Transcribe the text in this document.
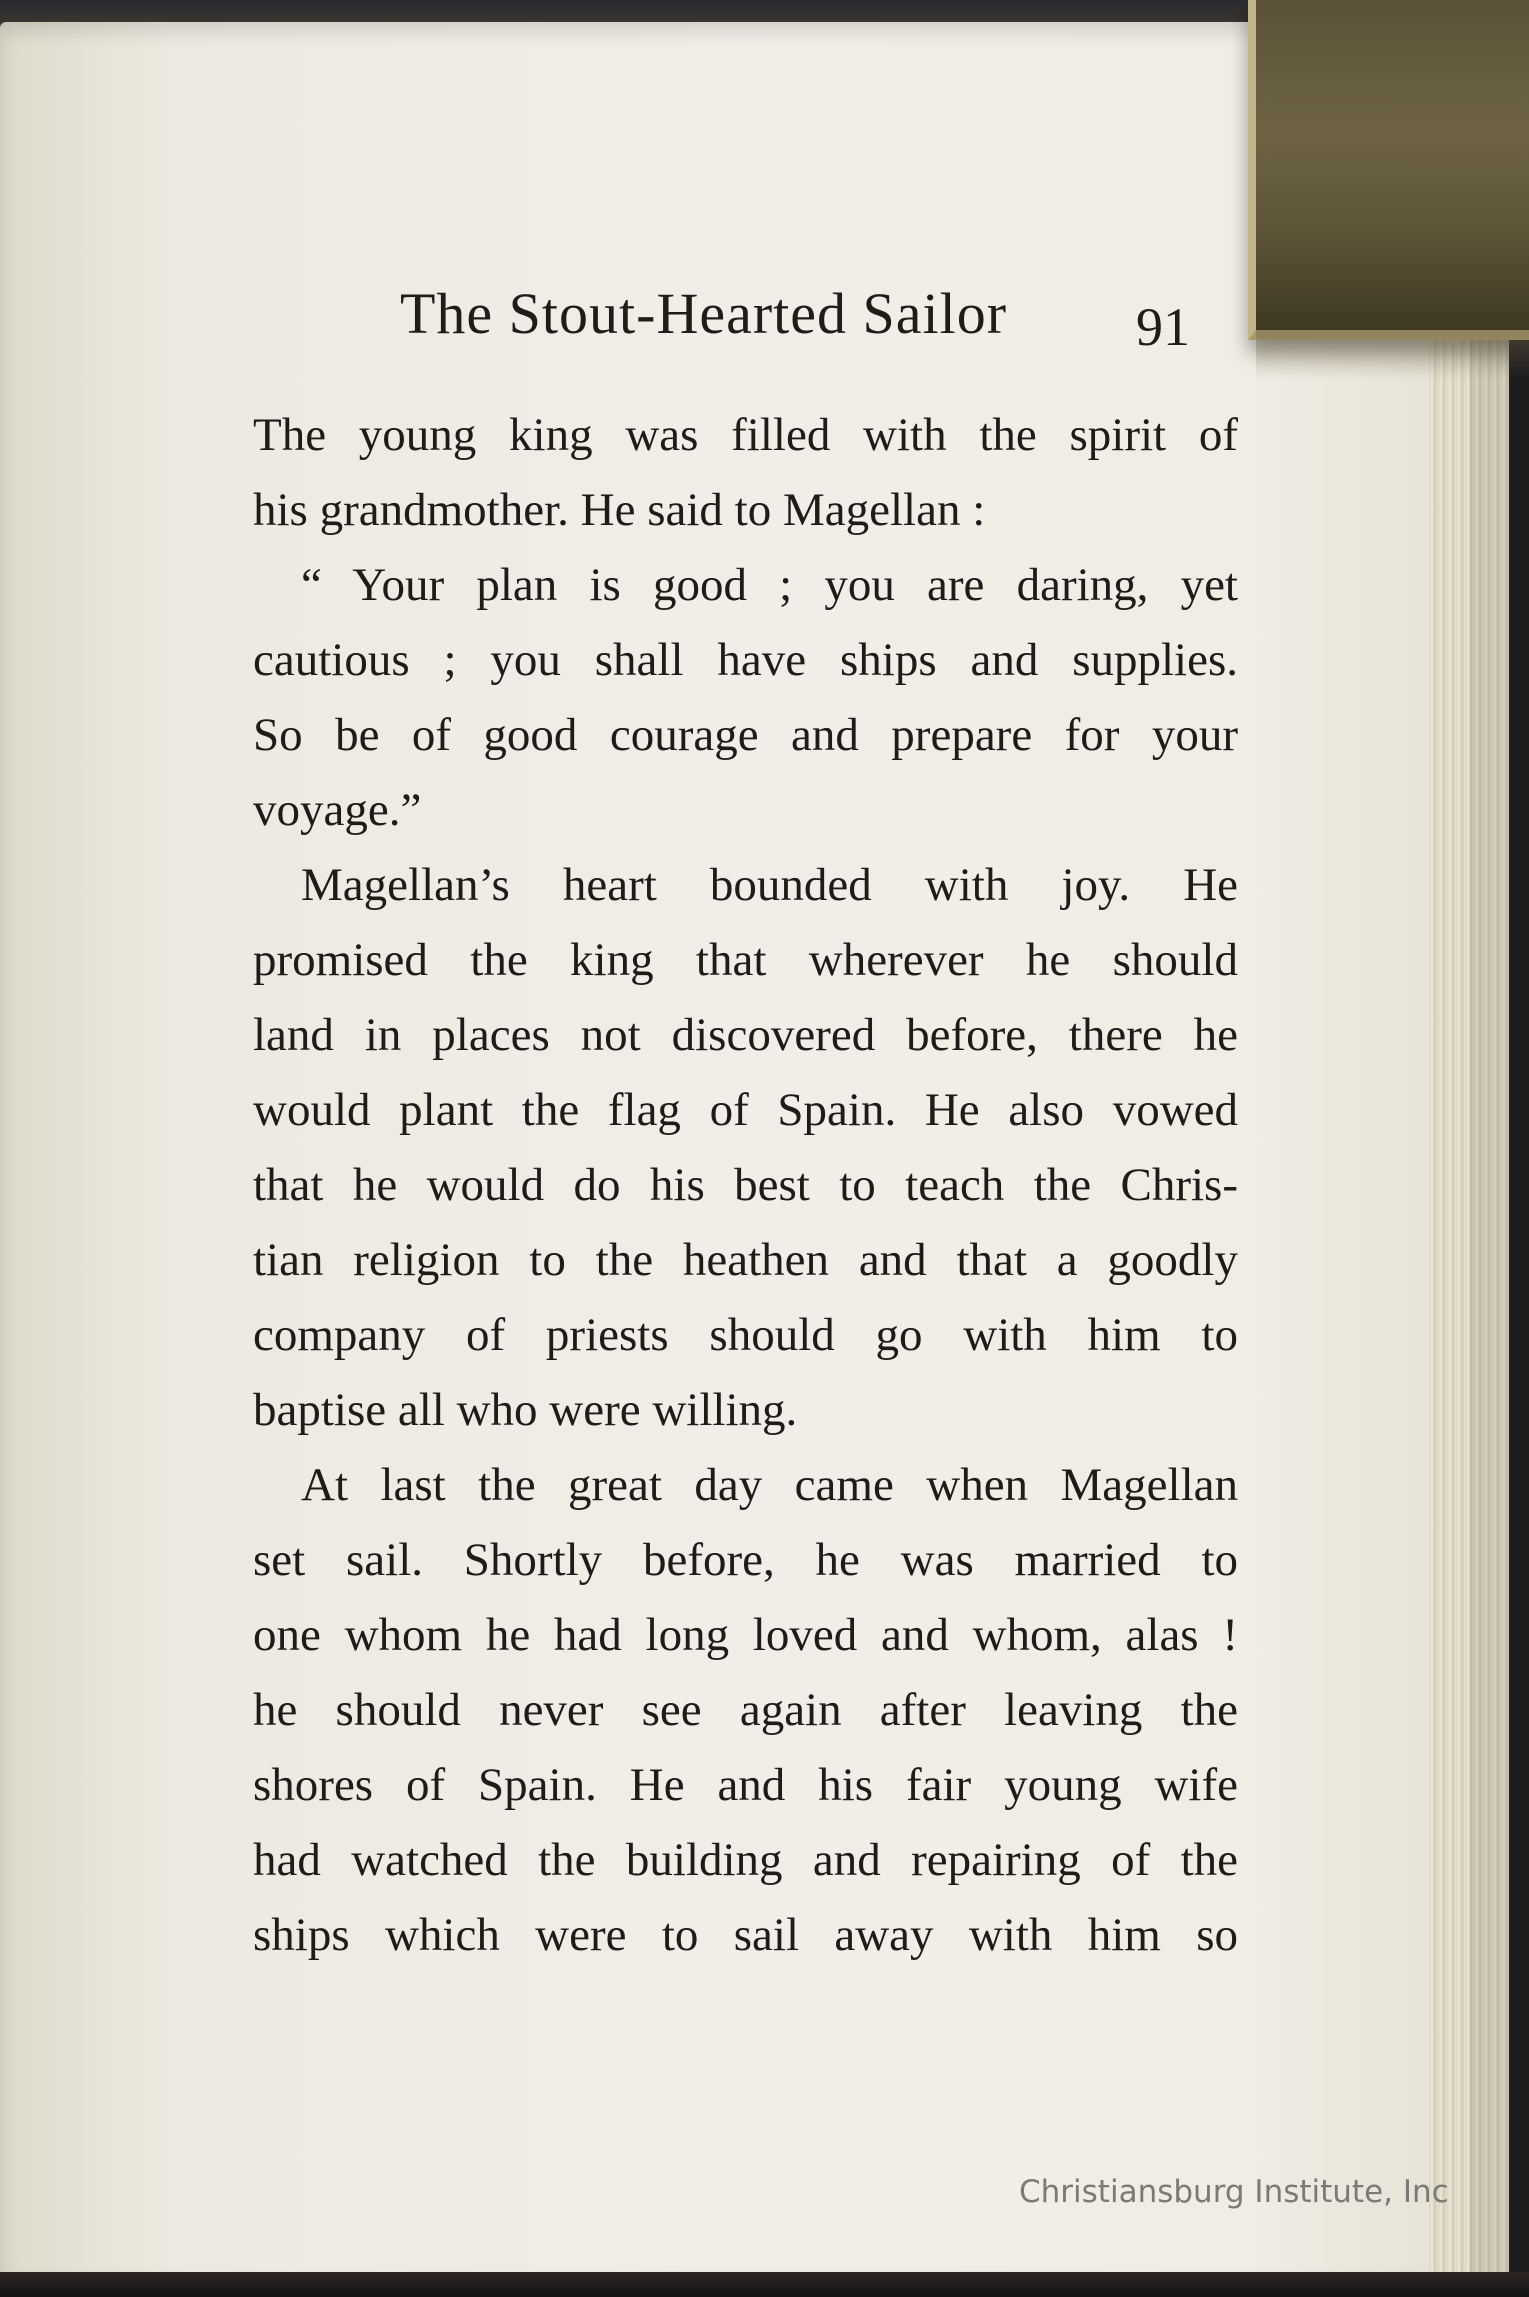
The Stout-Hearted Sailor 91
The young king was filled with the spirit of
his grandmother. He said to Magellan :
“ Your plan is good ; you are daring, yet
cautious ; you shall have ships and supplies.
So be of good courage and prepare for your
voyage.”
Magellan’s heart bounded with joy. He
promised the king that wherever he should
land in places not discovered before, there he
would plant the flag of Spain. He also vowed
that he would do his best to teach the Chris-
tian religion to the heathen and that a goodly
company of priests should go with him to
baptise all who were willing.
At last the great day came when Magellan
set sail. Shortly before, he was married to
one whom he had long loved and whom, alas !
he should never see again after leaving the
shores of Spain. He and his fair young wife
had watched the building and repairing of the
ships which were to sail away with him so
Christiansburg Institute, Inc
